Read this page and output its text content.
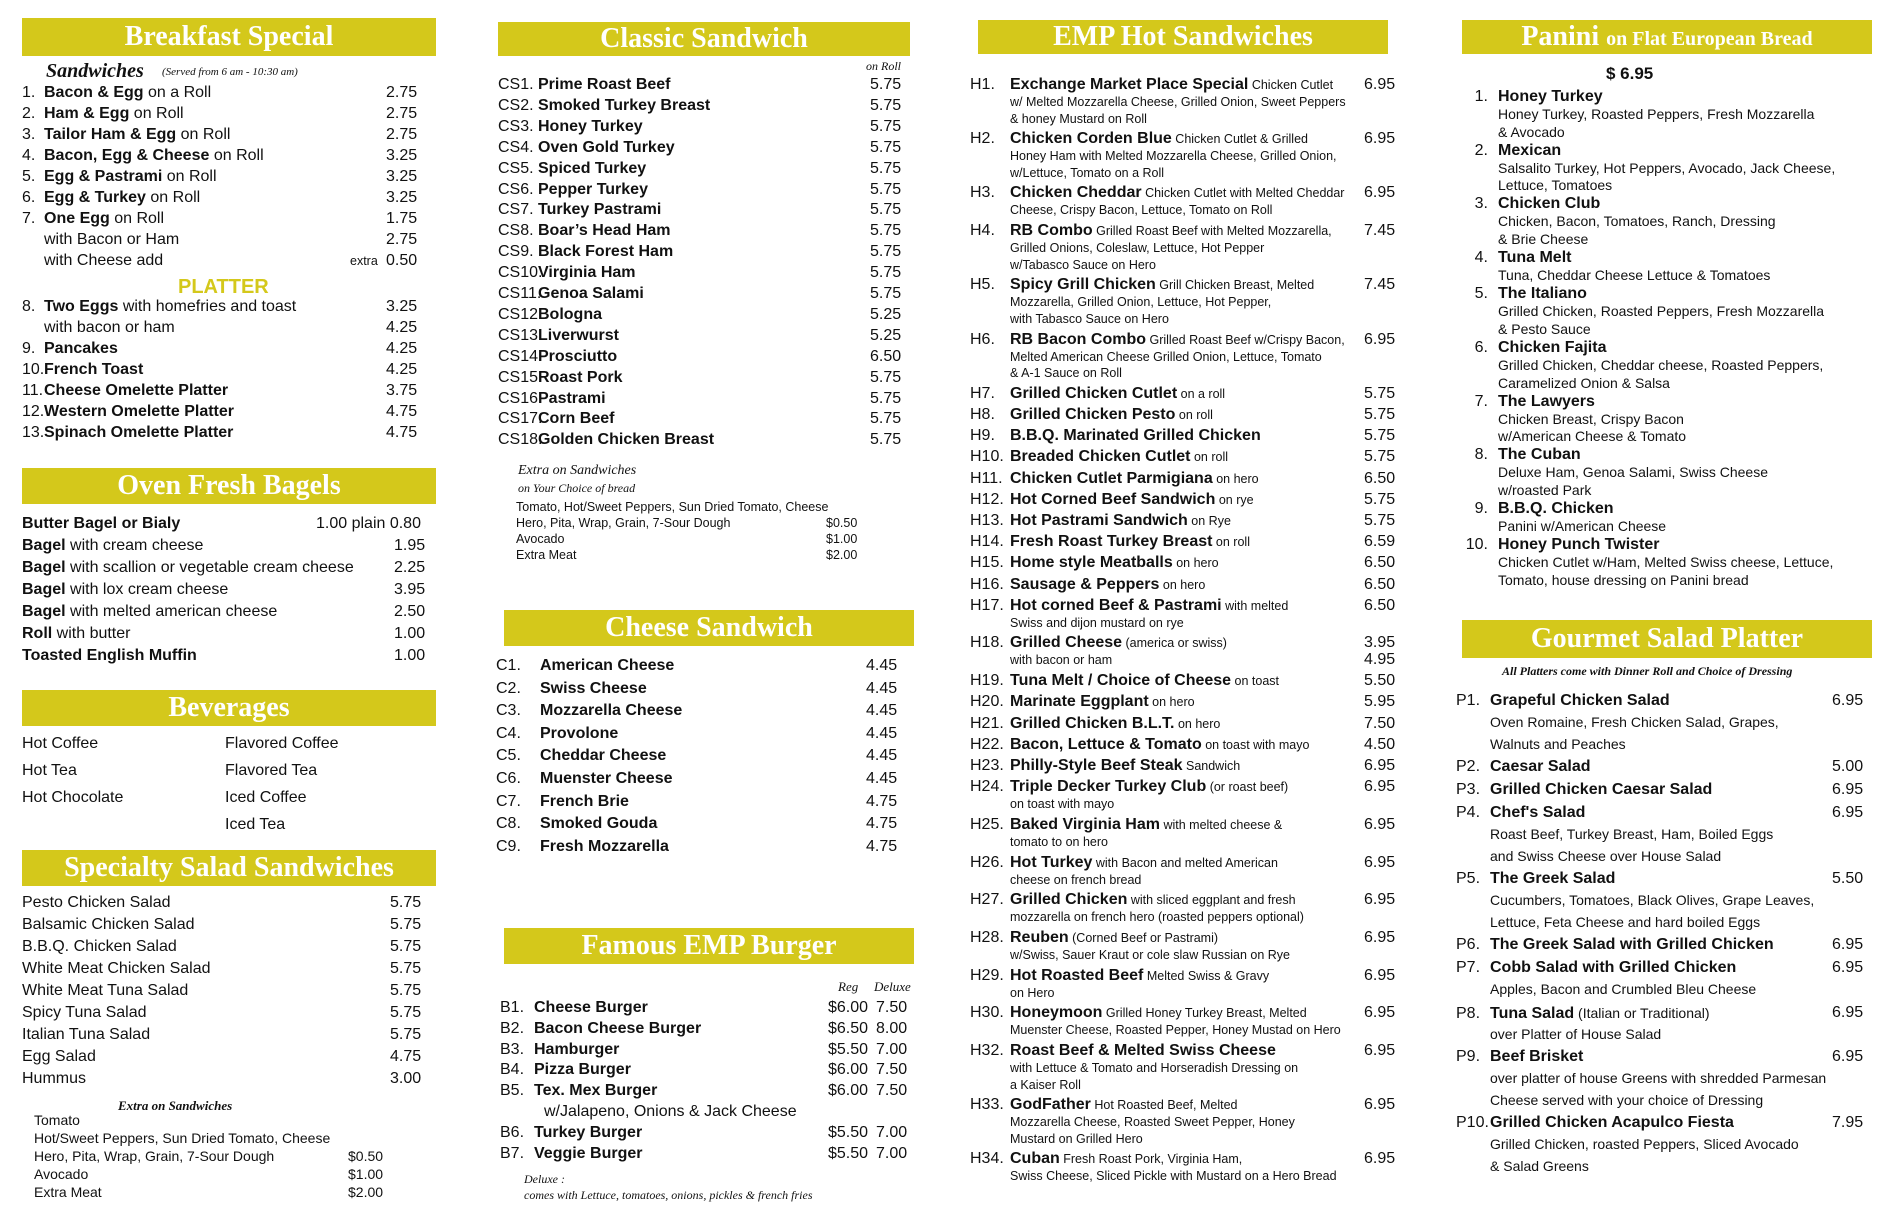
Breakfast Special
Sandwiches (Served from 6 am - 10:30 am)
1. Bacon & Egg on a Roll	2.75
2. Ham & Egg on Roll	2.75
3. Tailor Ham & Egg on Roll	2.75
4. Bacon, Egg & Cheese on Roll	3.25
5. Egg & Pastrami on Roll	3.25
6. Egg & Turkey on Roll	3.25
7. One Egg on Roll	1.75
with Bacon or Ham	2.75
with Cheese add	extra 0.50
PLATTER
8. Two Eggs with homefries and toast	3.25
with bacon or ham	4.25
9. Pancakes	4.25
10.French Toast	4.25
11.Cheese Omelette Platter	3.75
12.Western Omelette Platter	4.75
13.Spinach Omelette Platter	4.75
Oven Fresh Bagels
Butter Bagel or Bialy	1.00 plain 0.80
Bagel with cream cheese	1.95
Bagel with scallion or vegetable cream cheese	2.25
Bagel with lox cream cheese	3.95
Bagel with melted american cheese	2.50
Roll with butter	1.00
Toasted English Muffin	1.00
Beverages
Hot Coffee
Hot Tea
Hot Chocolate
Flavored Coffee
Flavored Tea
Iced Coffee
Iced Tea
Specialty Salad Sandwiches
Pesto Chicken Salad	5.75
Balsamic Chicken Salad	5.75
B.B.Q. Chicken Salad	5.75
White Meat Chicken Salad	5.75
White Meat Tuna Salad	5.75
Spicy Tuna Salad	5.75
Italian Tuna Salad	5.75
Egg Salad	4.75
Hummus	3.00
Extra on Sandwiches
Tomato
Hot/Sweet Peppers, Sun Dried Tomato, Cheese
Hero, Pita, Wrap, Grain, 7-Sour Dough	$0.50
Avocado	$1.00
Extra Meat	$2.00
Classic Sandwich
on Roll
CS1. Prime Roast Beef	5.75
CS2. Smoked Turkey Breast	5.75
CS3. Honey Turkey	5.75
CS4. Oven Gold Turkey	5.75
CS5. Spiced Turkey	5.75
CS6. Pepper Turkey	5.75
CS7. Turkey Pastrami	5.75
CS8. Boar’s Head Ham	5.75
CS9. Black Forest Ham	5.75
CS10.Virginia Ham	5.75
CS11.Genoa Salami	5.75
CS12.Bologna	5.25
CS13.Liverwurst	5.25
CS14.Prosciutto	6.50
CS15.Roast Pork	5.75
CS16.Pastrami	5.75
CS17.Corn Beef	5.75
CS18.Golden Chicken Breast	5.75
Extra on Sandwiches
on Your Choice of bread
Tomato, Hot/Sweet Peppers, Sun Dried Tomato, Cheese
Hero, Pita, Wrap, Grain, 7-Sour Dough	$0.50
Avocado	$1.00
Extra Meat	$2.00
Cheese Sandwich
C1. American Cheese	4.45
C2. Swiss Cheese	4.45
C3. Mozzarella Cheese	4.45
C4. Provolone	4.45
C5. Cheddar Cheese	4.45
C6. Muenster Cheese	4.45
C7. French Brie	4.75
C8. Smoked Gouda	4.75
C9. Fresh Mozzarella	4.75
Famous EMP Burger
Reg Deluxe
B1. Cheese Burger	$6.00 7.50
B2. Bacon Cheese Burger	$6.50 8.00
B3. Hamburger	$5.50 7.00
B4. Pizza Burger	$6.00 7.50
B5. Tex. Mex Burger	$6.00 7.50
w/Jalapeno, Onions & Jack Cheese
B6. Turkey Burger	$5.50 7.00
B7. Veggie Burger	$5.50 7.00
Deluxe :
comes with Lettuce, tomatoes, onions, pickles & french fries
EMP Hot Sandwiches
H1. Exchange Market Place Special Chicken Cutlet 6.95
w/ Melted Mozzarella Cheese, Grilled Onion, Sweet Peppers
& honey Mustard on Roll
H2. Chicken Corden Blue Chicken Cutlet & Grilled	6.95
Honey Ham with Melted Mozzarella Cheese, Grilled Onion,
w/Lettuce, Tomato on a Roll
H3. Chicken Cheddar Chicken Cutlet with Melted Cheddar 6.95
Cheese, Crispy Bacon, Lettuce, Tomato on Roll
H4. RB Combo Grilled Roast Beef with Melted Mozzarella, 7.45
Grilled Onions, Coleslaw, Lettuce, Hot Pepper
w/Tabasco Sauce on Hero
H5. Spicy Grill Chicken Grill Chicken Breast, Melted	7.45
Mozzarella, Grilled Onion, Lettuce, Hot Pepper,
with Tabasco Sauce on Hero
H6. RB Bacon Combo Grilled Roast Beef w/Crispy Bacon, 6.95
Melted American Cheese Grilled Onion, Lettuce, Tomato
& A-1 Sauce on Roll
H7. Grilled Chicken Cutlet on a roll	5.75
H8. Grilled Chicken Pesto on roll	5.75
H9. B.B.Q. Marinated Grilled Chicken	5.75
H10. Breaded Chicken Cutlet on roll	5.75
H11. Chicken Cutlet Parmigiana on hero	6.50
H12. Hot Corned Beef Sandwich on rye	5.75
H13. Hot Pastrami Sandwich on Rye	5.75
H14. Fresh Roast Turkey Breast on roll	6.59
H15. Home style Meatballs on hero	6.50
H16. Sausage & Peppers on hero	6.50
H17. Hot corned Beef & Pastrami with melted	6.50
Swiss and dijon mustard on rye
H18. Grilled Cheese (america or swiss)	3.95
with bacon or ham	4.95
H19. Tuna Melt / Choice of Cheese on toast	5.50
H20. Marinate Eggplant on hero	5.95
H21. Grilled Chicken B.L.T. on hero	7.50
H22. Bacon, Lettuce & Tomato on toast with mayo	4.50
H23. Philly-Style Beef Steak Sandwich	6.95
H24. Triple Decker Turkey Club (or roast beef)	6.95
on toast with mayo
H25. Baked Virginia Ham with melted cheese &	6.95
tomato to on hero
H26. Hot Turkey with Bacon and melted American	6.95
cheese on french bread
H27. Grilled Chicken with sliced eggplant and fresh	6.95
mozzarella on french hero (roasted peppers optional)
H28. Reuben (Corned Beef or Pastrami)	6.95
w/Swiss, Sauer Kraut or cole slaw Russian on Rye
H29. Hot Roasted Beef Melted Swiss & Gravy	6.95
on Hero
H30. Honeymoon Grilled Honey Turkey Breast, Melted	6.95
Muenster Cheese, Roasted Pepper, Honey Mustad on Hero
H32. Roast Beef & Melted Swiss Cheese	6.95
with Lettuce & Tomato and Horseradish Dressing on
a Kaiser Roll
H33. GodFather Hot Roasted Beef, Melted	6.95
Mozzarella Cheese, Roasted Sweet Pepper, Honey
Mustard on Grilled Hero
H34. Cuban Fresh Roast Pork, Virginia Ham,	6.95
Swiss Cheese, Sliced Pickle with Mustard on a Hero Bread
Panini on Flat European Bread
$ 6.95
1. Honey Turkey
Honey Turkey, Roasted Peppers, Fresh Mozzarella
& Avocado
2. Mexican
Salsalito Turkey, Hot Peppers, Avocado, Jack Cheese,
Lettuce, Tomatoes
3. Chicken Club
Chicken, Bacon, Tomatoes, Ranch, Dressing
& Brie Cheese
4. Tuna Melt
Tuna, Cheddar Cheese Lettuce & Tomatoes
5. The Italiano
Grilled Chicken, Roasted Peppers, Fresh Mozzarella
& Pesto Sauce
6. Chicken Fajita
Grilled Chicken, Cheddar cheese, Roasted Peppers,
Caramelized Onion & Salsa
7. The Lawyers
Chicken Breast, Crispy Bacon
w/American Cheese & Tomato
8. The Cuban
Deluxe Ham, Genoa Salami, Swiss Cheese
w/roasted Park
9. B.B.Q. Chicken
Panini w/American Cheese
10. Honey Punch Twister
Chicken Cutlet w/Ham, Melted Swiss cheese, Lettuce,
Tomato, house dressing on Panini bread
Gourmet Salad Platter
All Platters come with Dinner Roll and Choice of Dressing
P1. Grapeful Chicken Salad	6.95
Oven Romaine, Fresh Chicken Salad, Grapes,
Walnuts and Peaches
P2. Caesar Salad	5.00
P3. Grilled Chicken Caesar Salad	6.95
P4. Chef's Salad	6.95
Roast Beef, Turkey Breast, Ham, Boiled Eggs
and Swiss Cheese over House Salad
P5. The Greek Salad	5.50
Cucumbers, Tomatoes, Black Olives, Grape Leaves,
Lettuce, Feta Cheese and hard boiled Eggs
P6. The Greek Salad with Grilled Chicken	6.95
P7. Cobb Salad with Grilled Chicken	6.95
Apples, Bacon and Crumbled Bleu Cheese
P8. Tuna Salad (Italian or Traditional)	6.95
over Platter of House Salad
P9. Beef Brisket	6.95
over platter of house Greens with shredded Parmesan
Cheese served with your choice of Dressing
P10.Grilled Chicken Acapulco Fiesta	7.95
Grilled Chicken, roasted Peppers, Sliced Avocado
& Salad Greens
